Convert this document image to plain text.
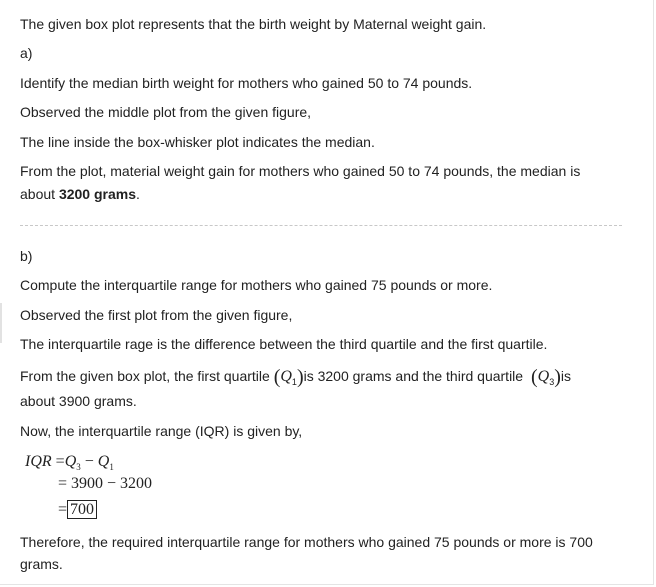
The given box plot represents that the birth weight by Maternal weight gain.
a)
Identify the median birth weight for mothers who gained 50 to 74 pounds.
Observed the middle plot from the given figure,
The line inside the box-whisker plot indicates the median.
From the plot, material weight gain for mothers who gained 50 to 74 pounds, the median is
about 3200 grams.
b)
Compute the interquartile range for mothers who gained 75 pounds or more.
Observed the first plot from the given figure,
The interquartile rage is the difference between the third quartile and the first quartile.
From the given box plot, the first quartile $(Q_1)is$ 3200 grams and the third quartile $(Q_3)is$
about 3900 grams.
Now, the interquartile range (IQR) is given by,
IQR $=Q_3 - Q_1$
= 3900 − 3200
= 700
Therefore, the required interquartile range for mothers who gained 75 pounds or more is 700
grams.
